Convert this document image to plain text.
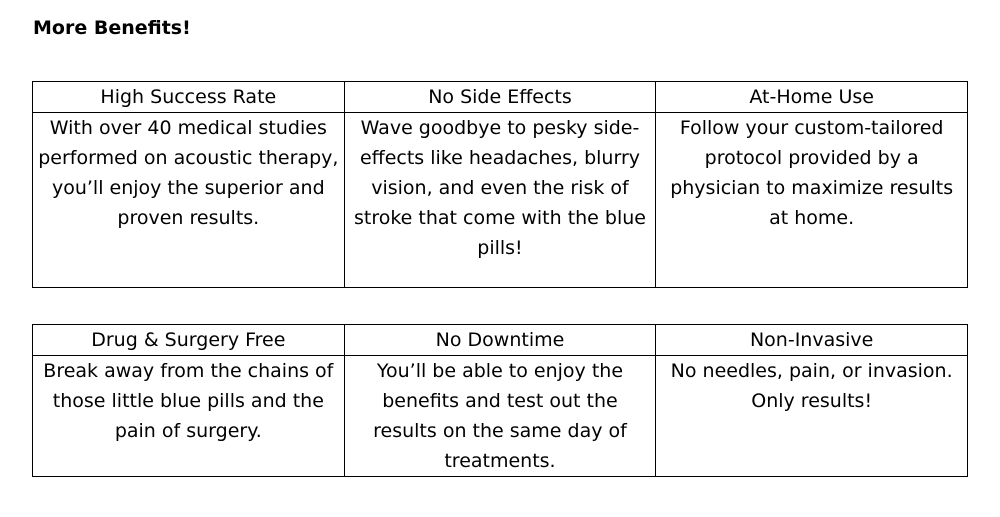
More Benefits!
High Success Rate	No Side Effects	At-Home Use
With over 40 medical studies performed on acoustic therapy, you’ll enjoy the superior and proven results.	Wave goodbye to pesky side-effects like headaches, blurry vision, and even the risk of stroke that come with the blue pills!	Follow your custom-tailored protocol provided by a physician to maximize results at home.
Drug & Surgery Free	No Downtime	Non-Invasive
Break away from the chains of those little blue pills and the pain of surgery.	You’ll be able to enjoy the benefits and test out the results on the same day of treatments.	No needles, pain, or invasion. Only results!
